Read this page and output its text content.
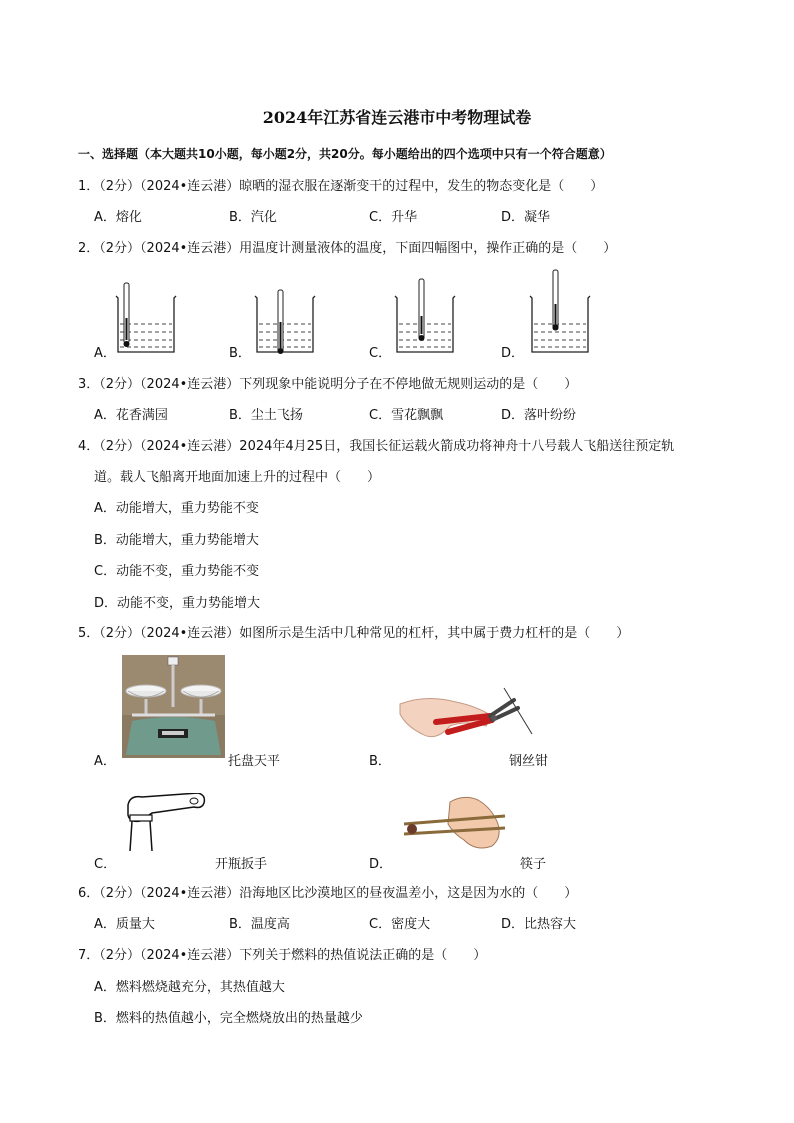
2024年江苏省连云港市中考物理试卷
一、选择题（本大题共10小题，每小题2分，共20分。每小题给出的四个选项中只有一个符合题意）
1．（2分）（2024•连云港）晾晒的湿衣服在逐渐变干的过程中，发生的物态变化是（　　）
A．熔化	B．汽化	C．升华	D．凝华
2．（2分）（2024•连云港）用温度计测量液体的温度，下面四幅图中，操作正确的是（　　）
A．	B．	C．	D．
3．（2分）（2024•连云港）下列现象中能说明分子在不停地做无规则运动的是（　　）
A．花香满园	B．尘土飞扬	C．雪花飘飘	D．落叶纷纷
4．（2分）（2024•连云港）2024年4月25日，我国长征运载火箭成功将神舟十八号载人飞船送往预定轨
道。载人飞船离开地面加速上升的过程中（　　）
A．动能增大，重力势能不变
B．动能增大，重力势能增大
C．动能不变，重力势能不变
D．动能不变，重力势能增大
5．（2分）（2024•连云港）如图所示是生活中几种常见的杠杆，其中属于费力杠杆的是（　　）
A．	托盘天平	B．	钢丝钳
C．	开瓶扳手	D．	筷子
6．（2分）（2024•连云港）沿海地区比沙漠地区的昼夜温差小，这是因为水的（　　）
A．质量大	B．温度高	C．密度大	D．比热容大
7．（2分）（2024•连云港）下列关于燃料的热值说法正确的是（　　）
A．燃料燃烧越充分，其热值越大
B．燃料的热值越小，完全燃烧放出的热量越少
